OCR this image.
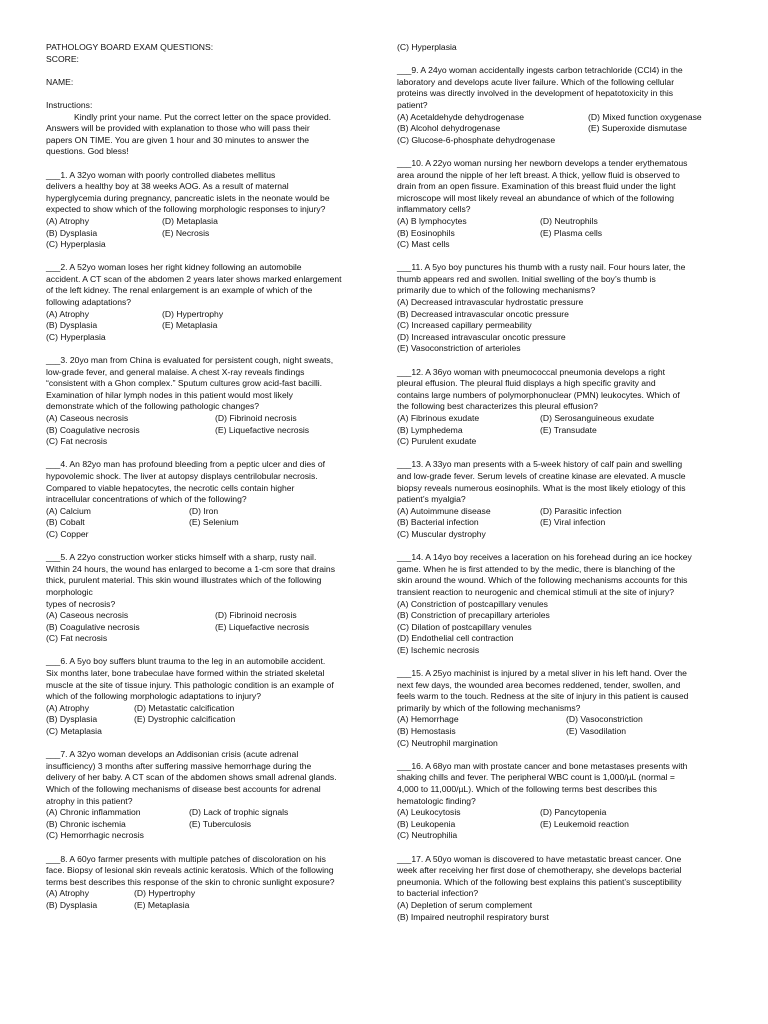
PATHOLOGY BOARD EXAM QUESTIONS:
SCORE:
NAME:
Instructions:
Kindly print your name. Put the correct letter on the space provided.
Answers will be provided with explanation to those who will pass their
papers ON TIME. You are given 1 hour and 30 minutes to answer the
questions. God bless!
___1. A 32yo woman with poorly controlled diabetes mellitus
delivers a healthy boy at 38 weeks AOG. As a result of maternal
hyperglycemia during pregnancy, pancreatic islets in the neonate would be
expected to show which of the following morphologic responses to injury?
(A) Atrophy	(D) Metaplasia
(B) Dysplasia	(E) Necrosis
(C) Hyperplasia
___2. A 52yo woman loses her right kidney following an automobile
accident. A CT scan of the abdomen 2 years later shows marked enlargement
of the left kidney. The renal enlargement is an example of which of the
following adaptations?
(A) Atrophy	(D) Hypertrophy
(B) Dysplasia	(E) Metaplasia
(C) Hyperplasia
___3. 20yo man from China is evaluated for persistent cough, night sweats,
low-grade fever, and general malaise. A chest X-ray reveals findings
“consistent with a Ghon complex.” Sputum cultures grow acid-fast bacilli.
Examination of hilar lymph nodes in this patient would most likely
demonstrate which of the following pathologic changes?
(A) Caseous necrosis	(D) Fibrinoid necrosis
(B) Coagulative necrosis	(E) Liquefactive necrosis
(C) Fat necrosis
___4. An 82yo man has profound bleeding from a peptic ulcer and dies of
hypovolemic shock. The liver at autopsy displays centrilobular necrosis.
Compared to viable hepatocytes, the necrotic cells contain higher
intracellular concentrations of which of the following?
(A) Calcium	(D) Iron
(B) Cobalt	(E) Selenium
(C) Copper
___5. A 22yo construction worker sticks himself with a sharp, rusty nail.
Within 24 hours, the wound has enlarged to become a 1-cm sore that drains
thick, purulent material. This skin wound illustrates which of the following
morphologic
types of necrosis?
(A) Caseous necrosis	(D) Fibrinoid necrosis
(B) Coagulative necrosis	(E) Liquefactive necrosis
(C) Fat necrosis
___6. A 5yo boy suffers blunt trauma to the leg in an automobile accident.
Six months later, bone trabeculae have formed within the striated skeletal
muscle at the site of tissue injury. This pathologic condition is an example of
which of the following morphologic adaptations to injury?
(A) Atrophy	(D) Metastatic calcification
(B) Dysplasia	(E) Dystrophic calcification
(C) Metaplasia
___7. A 32yo woman develops an Addisonian crisis (acute adrenal
insufficiency) 3 months after suffering massive hemorrhage during the
delivery of her baby. A CT scan of the abdomen shows small adrenal glands.
Which of the following mechanisms of disease best accounts for adrenal
atrophy in this patient?
(A) Chronic inflammation	(D) Lack of trophic signals
(B) Chronic ischemia	(E) Tuberculosis
(C) Hemorrhagic necrosis
___8. A 60yo farmer presents with multiple patches of discoloration on his
face. Biopsy of lesional skin reveals actinic keratosis. Which of the following
terms best describes this response of the skin to chronic sunlight exposure?
(A) Atrophy	(D) Hypertrophy
(B) Dysplasia	(E) Metaplasia
(C) Hyperplasia
___9. A 24yo woman accidentally ingests carbon tetrachloride (CCl4) in the
laboratory and develops acute liver failure. Which of the following cellular
proteins was directly involved in the development of hepatotoxicity in this
patient?
(A) Acetaldehyde dehydrogenase	(D) Mixed function oxygenase
(B) Alcohol dehydrogenase	(E) Superoxide dismutase
(C) Glucose-6-phosphate dehydrogenase
___10. A 22yo woman nursing her newborn develops a tender erythematous
area around the nipple of her left breast. A thick, yellow fluid is observed to
drain from an open fissure. Examination of this breast fluid under the light
microscope will most likely reveal an abundance of which of the following
inflammatory cells?
(A) B lymphocytes	(D) Neutrophils
(B) Eosinophils	(E) Plasma cells
(C) Mast cells
___11. A 5yo boy punctures his thumb with a rusty nail. Four hours later, the
thumb appears red and swollen. Initial swelling of the boy’s thumb is
primarily due to which of the following mechanisms?
(A) Decreased intravascular hydrostatic pressure
(B) Decreased intravascular oncotic pressure
(C) Increased capillary permeability
(D) Increased intravascular oncotic pressure
(E) Vasoconstriction of arterioles
___12. A 36yo woman with pneumococcal pneumonia develops a right
pleural effusion. The pleural fluid displays a high specific gravity and
contains large numbers of polymorphonuclear (PMN) leukocytes. Which of
the following best characterizes this pleural effusion?
(A) Fibrinous exudate	(D) Serosanguineous exudate
(B) Lymphedema	(E) Transudate
(C) Purulent exudate
___13. A 33yo man presents with a 5-week history of calf pain and swelling
and low-grade fever. Serum levels of creatine kinase are elevated. A muscle
biopsy reveals numerous eosinophils. What is the most likely etiology of this
patient’s myalgia?
(A) Autoimmune disease	(D) Parasitic infection
(B) Bacterial infection	(E) Viral infection
(C) Muscular dystrophy
___14. A 14yo boy receives a laceration on his forehead during an ice hockey
game. When he is first attended to by the medic, there is blanching of the
skin around the wound. Which of the following mechanisms accounts for this
transient reaction to neurogenic and chemical stimuli at the site of injury?
(A) Constriction of postcapillary venules
(B) Constriction of precapillary arterioles
(C) Dilation of postcapillary venules
(D) Endothelial cell contraction
(E) Ischemic necrosis
___15. A 25yo machinist is injured by a metal sliver in his left hand. Over the
next few days, the wounded area becomes reddened, tender, swollen, and
feels warm to the touch. Redness at the site of injury in this patient is caused
primarily by which of the following mechanisms?
(A) Hemorrhage	(D) Vasoconstriction
(B) Hemostasis	(E) Vasodilation
(C) Neutrophil margination
___16. A 68yo man with prostate cancer and bone metastases presents with
shaking chills and fever. The peripheral WBC count is 1,000/µL (normal =
4,000 to 11,000/µL). Which of the following terms best describes this
hematologic finding?
(A) Leukocytosis	(D) Pancytopenia
(B) Leukopenia	(E) Leukemoid reaction
(C) Neutrophilia
___17. A 50yo woman is discovered to have metastatic breast cancer. One
week after receiving her first dose of chemotherapy, she develops bacterial
pneumonia. Which of the following best explains this patient’s susceptibility
to bacterial infection?
(A) Depletion of serum complement
(B) Impaired neutrophil respiratory burst
